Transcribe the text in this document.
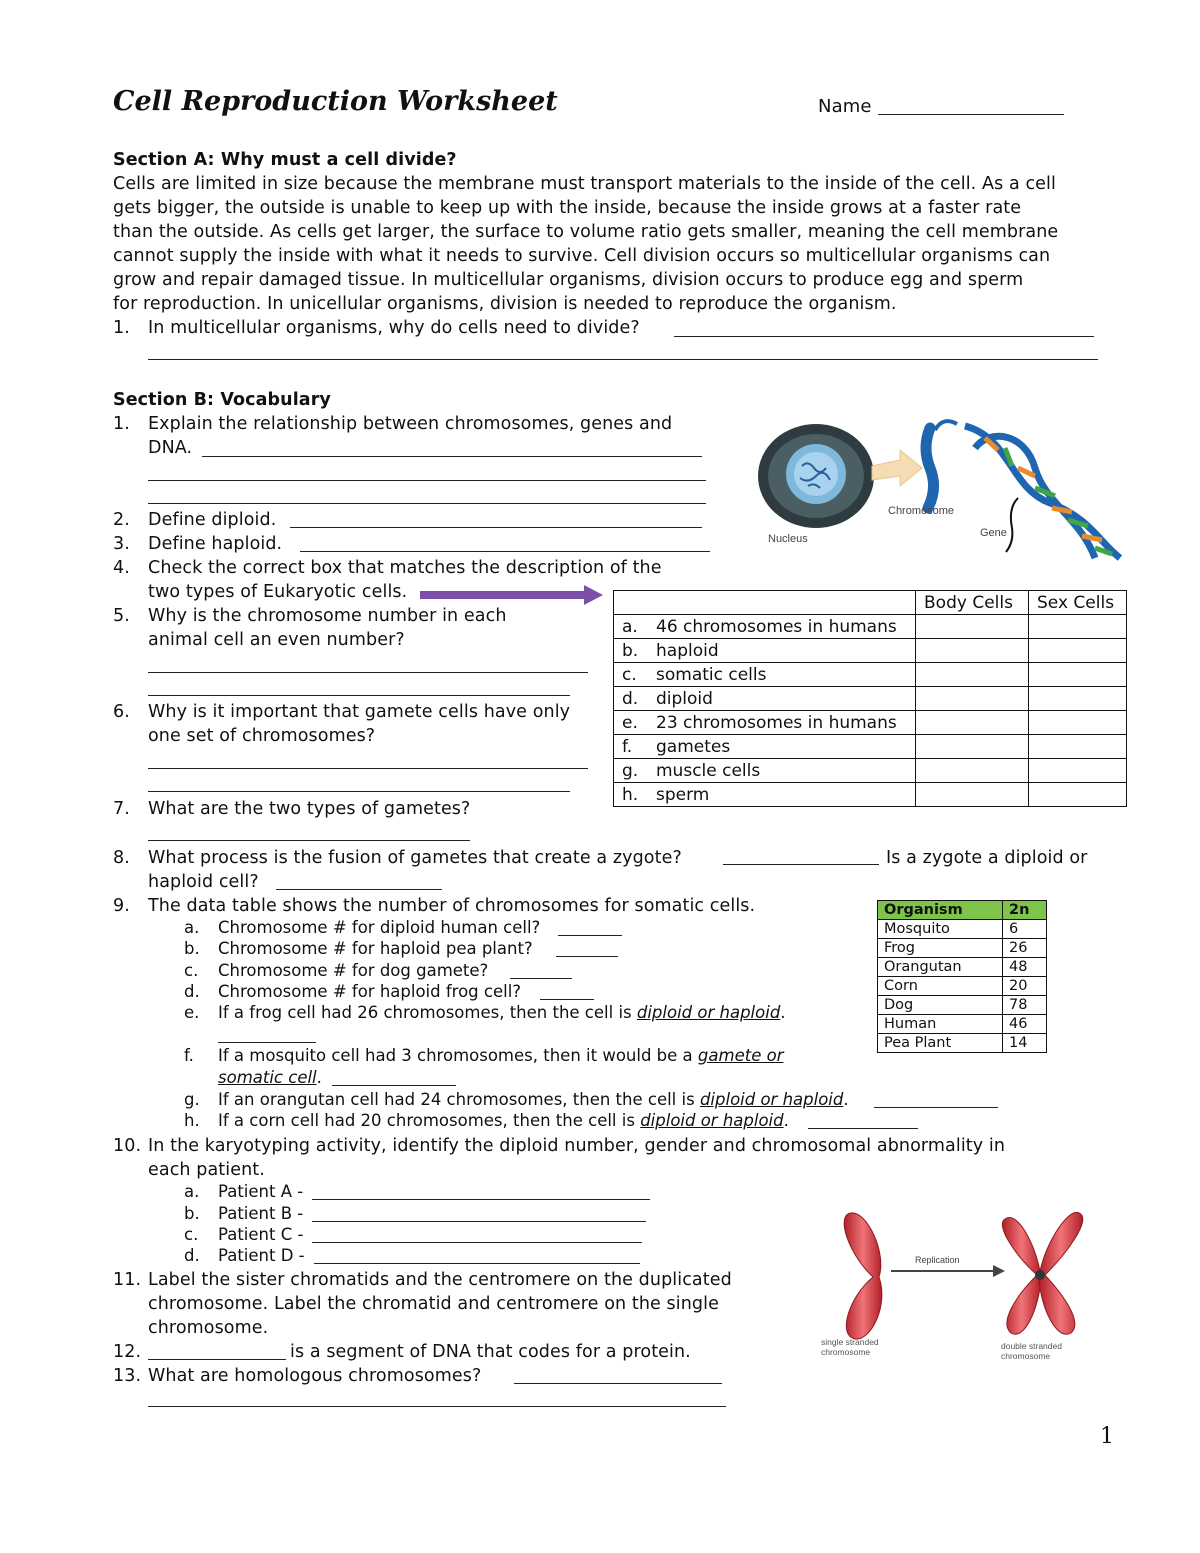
Cell Reproduction Worksheet	Name
Section A: Why must a cell divide?
Cells are limited in size because the membrane must transport materials to the inside of the cell. As a cell
gets bigger, the outside is unable to keep up with the inside, because the inside grows at a faster rate
than the outside. As cells get larger, the surface to volume ratio gets smaller, meaning the cell membrane
cannot supply the inside with what it needs to survive. Cell division occurs so multicellular organisms can
grow and repair damaged tissue. In multicellular organisms, division occurs to produce egg and sperm
for reproduction. In unicellular organisms, division is needed to reproduce the organism.
1. In multicellular organisms, why do cells need to divide?
Section B: Vocabulary
1. Explain the relationship between chromosomes, genes and
DNA.
2. Define diploid.
3. Define haploid.
4. Check the correct box that matches the description of the
two types of Eukaryotic cells.
5. Why is the chromosome number in each
animal cell an even number?
6. Why is it important that gamete cells have only
one set of chromosomes?
7. What are the two types of gametes?
	Body Cells	Sex Cells
a. 46 chromosomes in humans		
b. haploid		
c. somatic cells		
d. diploid		
e. 23 chromosomes in humans		
f. gametes		
g. muscle cells		
h. sperm		
Nucleus
Chromosome
Gene
8. What process is the fusion of gametes that create a zygote?	Is a zygote a diploid or
haploid cell?
9. The data table shows the number of chromosomes for somatic cells.
a. Chromosome # for diploid human cell?
b. Chromosome # for haploid pea plant?
c. Chromosome # for dog gamete?
d. Chromosome # for haploid frog cell?
e. If a frog cell had 26 chromosomes, then the cell is diploid or haploid.
f. If a mosquito cell had 3 chromosomes, then it would be a gamete or
somatic cell.
g. If an orangutan cell had 24 chromosomes, then the cell is diploid or haploid.
h. If a corn cell had 20 chromosomes, then the cell is diploid or haploid.
Organism	2n
Mosquito	6
Frog	26
Orangutan	48
Corn	20
Dog	78
Human	46
Pea Plant	14
10. In the karyotyping activity, identify the diploid number, gender and chromosomal abnormality in
each patient.
a. Patient A -
b. Patient B -
c. Patient C -
d. Patient D -
11. Label the sister chromatids and the centromere on the duplicated
chromosome. Label the chromatid and centromere on the single
chromosome.
12.	is a segment of DNA that codes for a protein.
13. What are homologous chromosomes?
Replication
single stranded
chromosome
double stranded
chromosome
1
